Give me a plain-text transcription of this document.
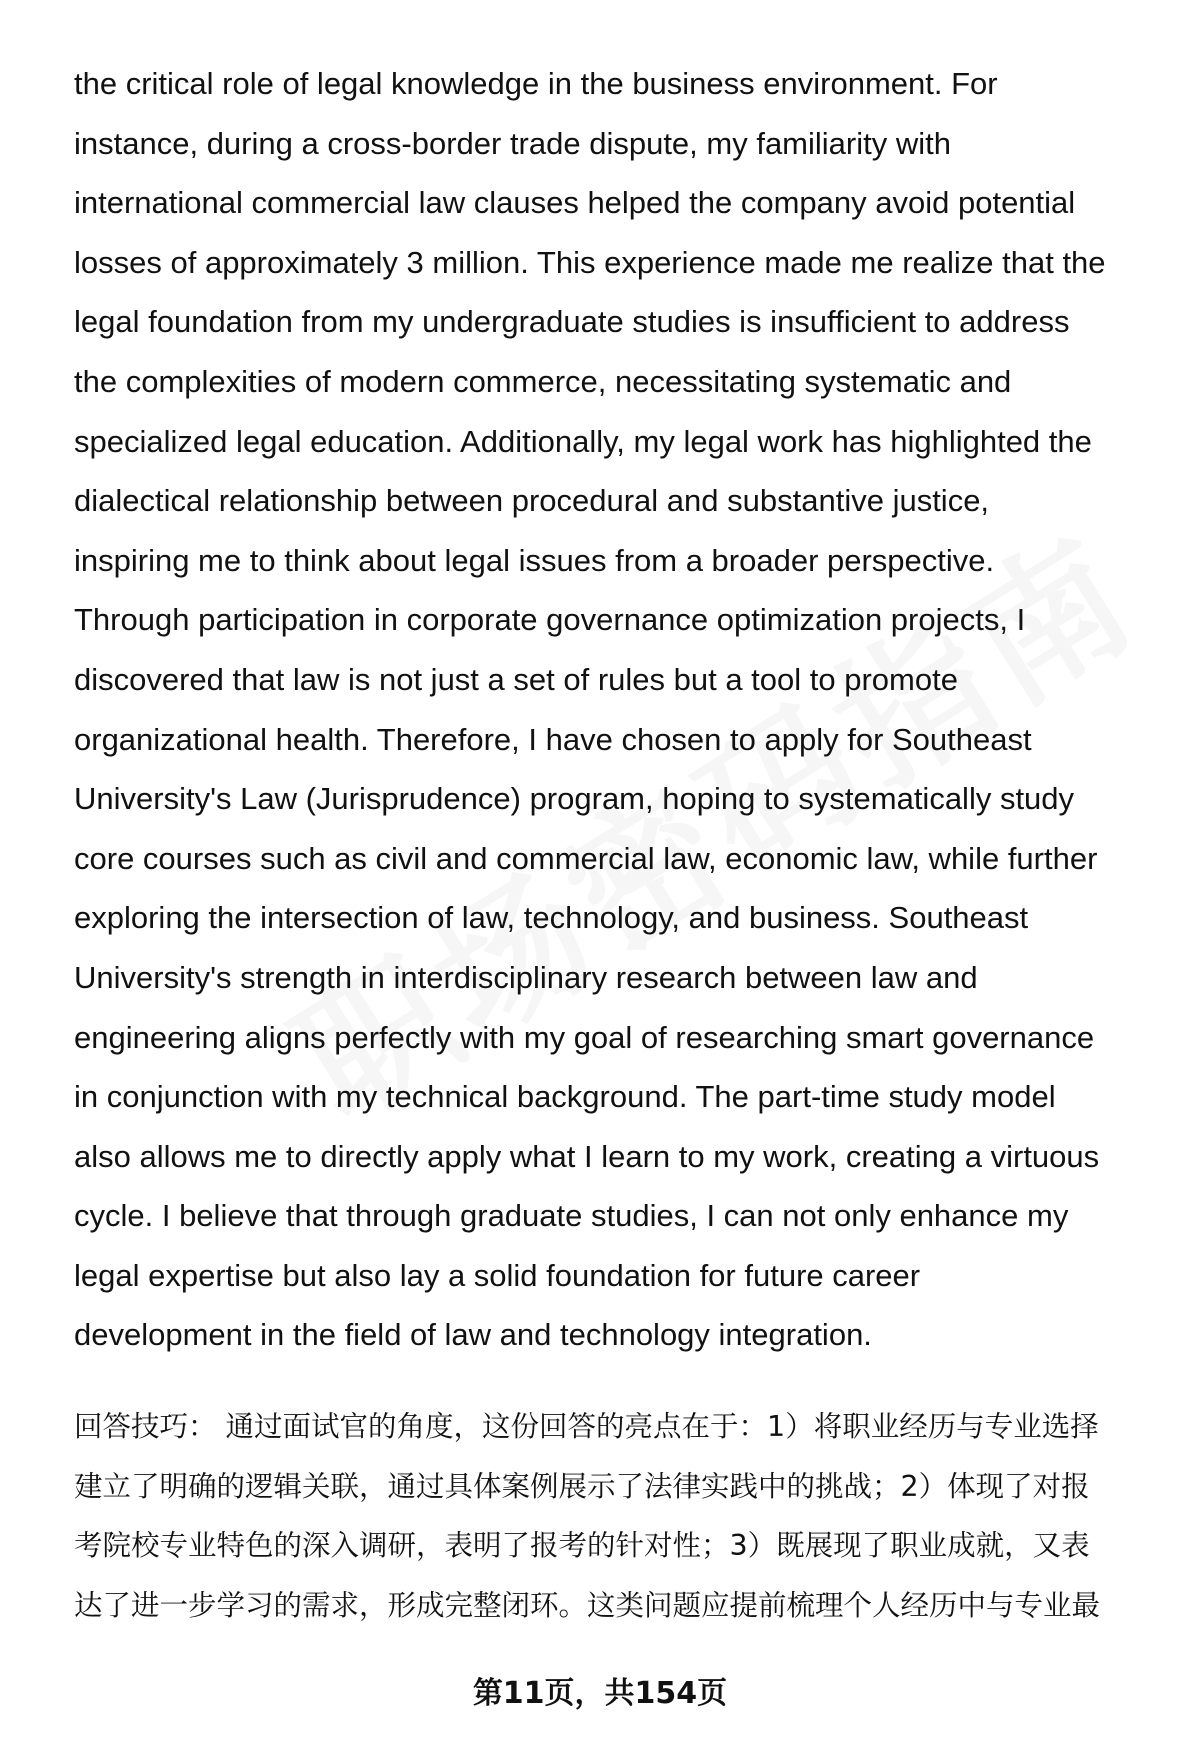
the critical role of legal knowledge in the business environment. For
instance, during a cross-border trade dispute, my familiarity with
international commercial law clauses helped the company avoid potential
losses of approximately 3 million. This experience made me realize that the
legal foundation from my undergraduate studies is insufficient to address
the complexities of modern commerce, necessitating systematic and
specialized legal education. Additionally, my legal work has highlighted the
dialectical relationship between procedural and substantive justice,
inspiring me to think about legal issues from a broader perspective.
Through participation in corporate governance optimization projects, I
discovered that law is not just a set of rules but a tool to promote
organizational health. Therefore, I have chosen to apply for Southeast
University's Law (Jurisprudence) program, hoping to systematically study
core courses such as civil and commercial law, economic law, while further
exploring the intersection of law, technology, and business. Southeast
University's strength in interdisciplinary research between law and
engineering aligns perfectly with my goal of researching smart governance
in conjunction with my technical background. The part-time study model
also allows me to directly apply what I learn to my work, creating a virtuous
cycle. I believe that through graduate studies, I can not only enhance my
legal expertise but also lay a solid foundation for future career
development in the field of law and technology integration.
回答技巧： 通过面试官的角度，这份回答的亮点在于：1）将职业经历与专业选择
建立了明确的逻辑关联，通过具体案例展示了法律实践中的挑战；2）体现了对报
考院校专业特色的深入调研，表明了报考的针对性；3）既展现了职业成就，又表
达了进一步学习的需求，形成完整闭环。这类问题应提前梳理个人经历中与专业最
第11页，共154页
